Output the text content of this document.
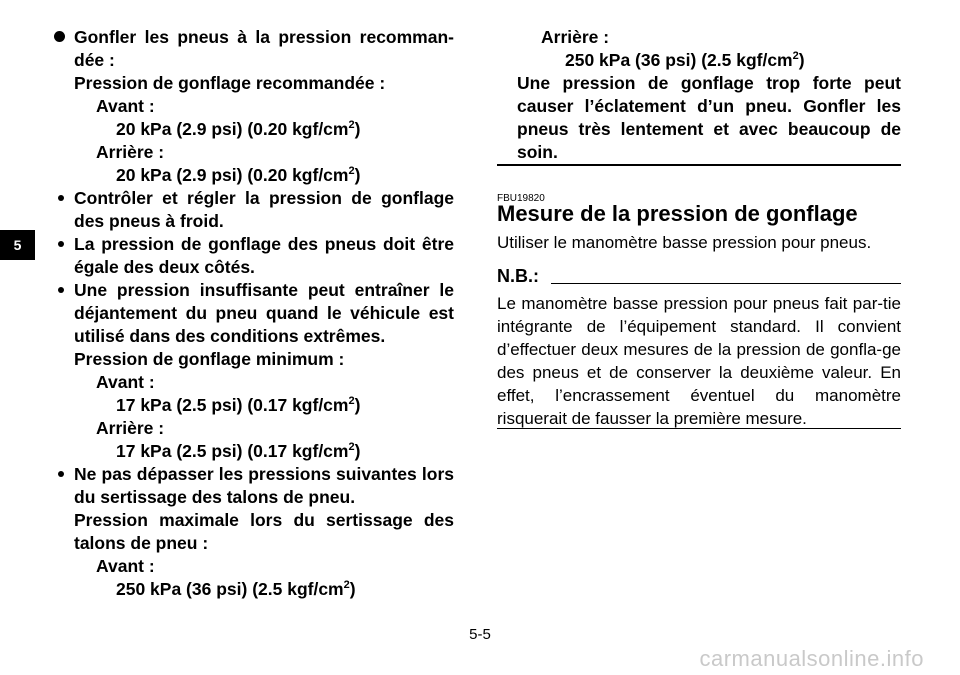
5
Gonfler les pneus à la pression recomman-dée :
Pression de gonflage recommandée :
Avant :
20 kPa (2.9 psi) (0.20 kgf/$cm^2$)
Arrière :
20 kPa (2.9 psi) (0.20 kgf/$cm^2$)
Contrôler et régler la pression de gonflage des pneus à froid.
La pression de gonflage des pneus doit être égale des deux côtés.
Une pression insuffisante peut entraîner le déjantement du pneu quand le véhicule est utilisé dans des conditions extrêmes.
Pression de gonflage minimum :
Avant :
17 kPa (2.5 psi) (0.17 kgf/$cm^2$)
Arrière :
17 kPa (2.5 psi) (0.17 kgf/$cm^2$)
Ne pas dépasser les pressions suivantes lors du sertissage des talons de pneu.
Pression maximale lors du sertissage des talons de pneu :
Avant :
250 kPa (36 psi) (2.5 kgf/$cm^2$)
Arrière :
250 kPa (36 psi) (2.5 kgf/$cm^2$)
Une pression de gonflage trop forte peut causer l’éclatement d’un pneu. Gonfler les pneus très lentement et avec beaucoup de soin.
FBU19820
Mesure de la pression de gonflage
Utiliser le manomètre basse pression pour pneus.
N.B.:
Le manomètre basse pression pour pneus fait par-tie intégrante de l’équipement standard. Il convient d’effectuer deux mesures de la pression de gonfla-ge des pneus et de conserver la deuxième valeur. En effet, l’encrassement éventuel du manomètre risquerait de fausser la première mesure.
5-5
carmanualsonline.info
